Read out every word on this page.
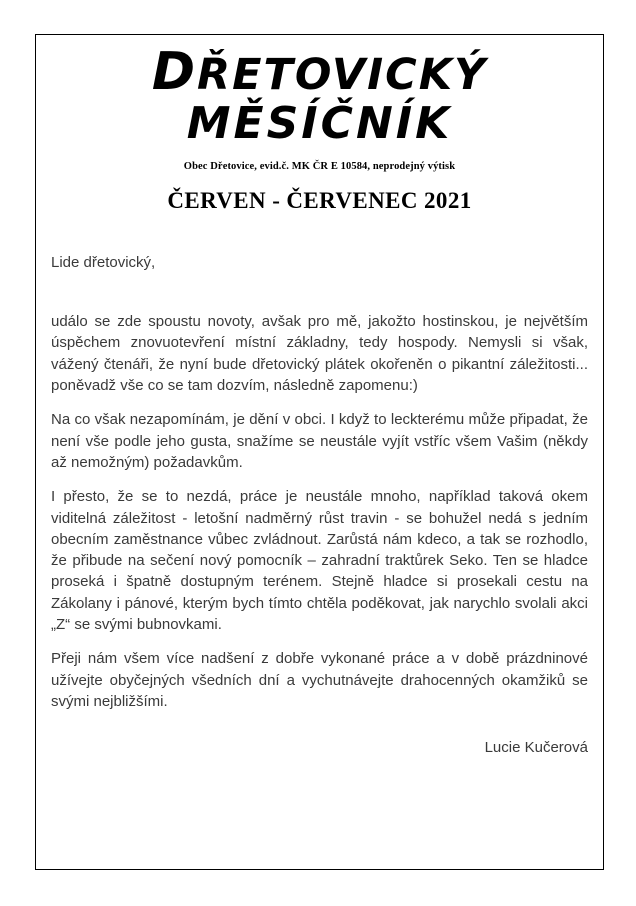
DŘETOVICKÝ
MĚSÍČNÍK
Obec Dřetovice, evid.č. MK ČR E 10584, neprodejný výtisk
ČERVEN - ČERVENEC 2021

Lide dřetovický,

událo se zde spoustu novoty, avšak pro mě, jakožto hostinskou, je největším úspěchem znovuotevření místní základny, tedy hospody. Nemysli si však, vážený čtenáři, že nyní bude dřetovický plátek okořeněn o pikantní záležitosti... poněvadž vše co se tam dozvím, následně zapomenu:)

Na co však nezapomínám, je dění v obci. I když to leckterému může připadat, že není vše podle jeho gusta, snažíme se neustále vyjít vstříc všem Vašim (někdy až nemožným) požadavkům.

I přesto, že se to nezdá, práce je neustále mnoho, například taková okem viditelná záležitost - letošní nadměrný růst travin - se bohužel nedá s jedním obecním zaměstnance vůbec zvládnout. Zarůstá nám kdeco, a tak se rozhodlo, že přibude na sečení nový pomocník – zahradní traktůrek Seko. Ten se hladce proseká i špatně dostupným terénem. Stejně hladce si prosekali cestu na Zákolany i pánové, kterým bych tímto chtěla poděkovat, jak narychlo svolali akci „Z“ se svými bubnovkami.

Přeji nám všem více nadšení z dobře vykonané práce a v době prázdninové užívejte obyčejných všedních dní a vychutnávejte drahocenných okamžiků se svými nejbližšími.

Lucie Kučerová
